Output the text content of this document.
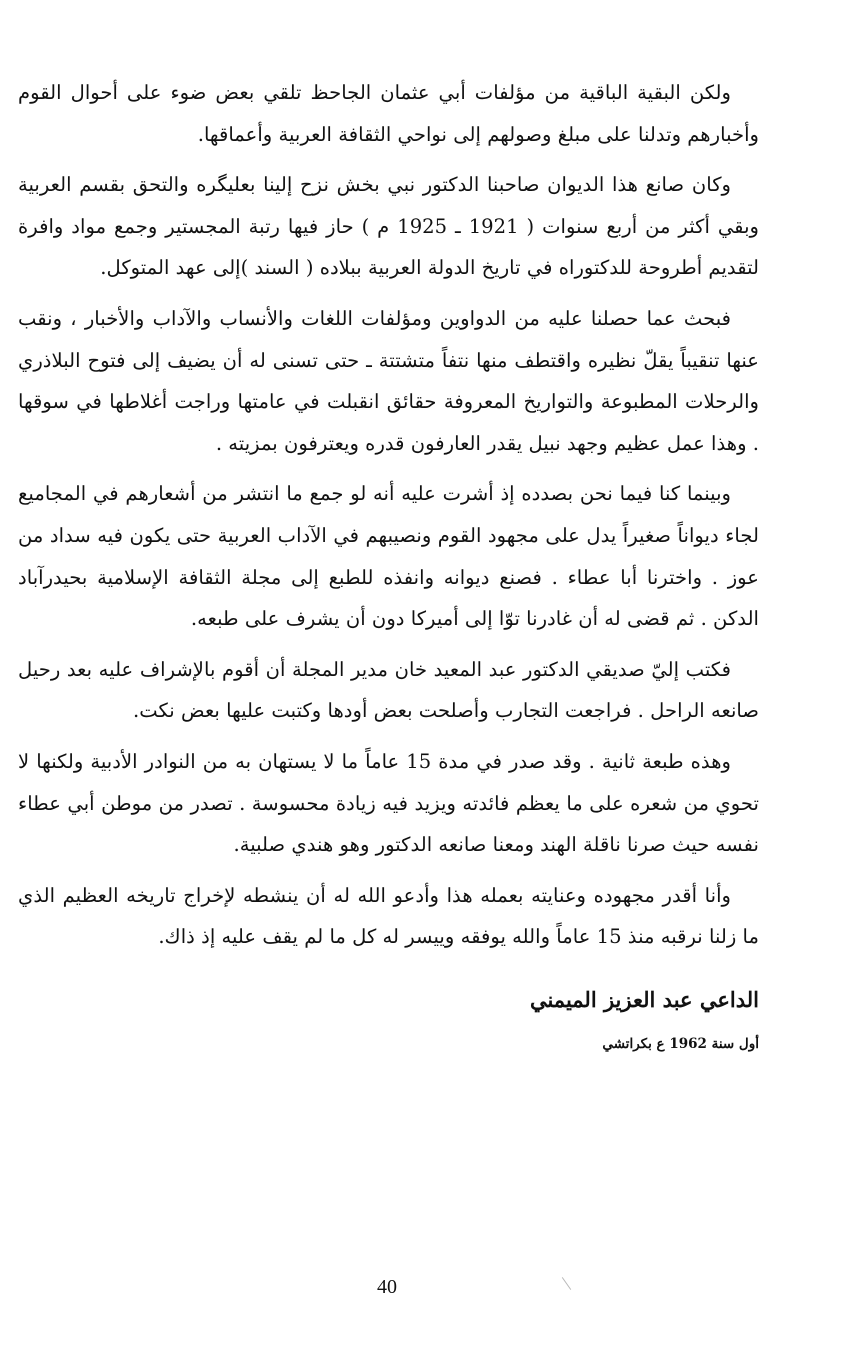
ولكن البقية الباقية من مؤلفات أبي عثمان الجاحظ تلقي بعض ضوء على أحوال القوم وأخبارهم وتدلنا على مبلغ وصولهم إلى نواحي الثقافة العربية وأعماقها.

وكان صانع هذا الديوان صاحبنا الدكتور نبي بخش نزح إلينا بعليگره والتحق بقسم العربية وبقي أكثر من أربع سنوات ( 1921 ـ 1925 م ) حاز فيها رتبة المجستير وجمع مواد وافرة لتقديم أطروحة للدكتوراه في تاريخ الدولة العربية ببلاده ( السند )إلى عهد المتوكل.

فبحث عما حصلنا عليه من الدواوين ومؤلفات اللغات والأنساب والآداب والأخبار ، ونقب عنها تنقيباً يقلّ نظيره واقتطف منها نتفاً متشتتة ـ حتى تسنى له أن يضيف إلى فتوح البلاذري والرحلات المطبوعة والتواريخ المعروفة حقائق انقبلت في عامتها وراجت أغلاطها في سوقها . وهذا عمل عظيم وجهد نبيل يقدر العارفون قدره ويعترفون بمزيته .

وبينما كنا فيما نحن بصدده إذ أشرت عليه أنه لو جمع ما انتشر من أشعارهم في المجاميع لجاء ديواناً صغيراً يدل على مجهود القوم ونصيبهم في الآداب العربية حتى يكون فيه سداد من عوز . واخترنا أبا عطاء . فصنع ديوانه وانفذه للطبع إلى مجلة الثقافة الإسلامية بحيدرآباد الدكن . ثم قضى له أن غادرنا توّا إلى أميركا دون أن يشرف على طبعه.

فكتب إليّ صديقي الدكتور عبد المعيد خان مدير المجلة أن أقوم بالإشراف عليه بعد رحيل صانعه الراحل . فراجعت التجارب وأصلحت بعض أودها وكتبت عليها بعض نكت.

وهذه طبعة ثانية . وقد صدر في مدة 15 عاماً ما لا يستهان به من النوادر الأدبية ولكنها لا تحوي من شعره على ما يعظم فائدته ويزيد فيه زيادة محسوسة . تصدر من موطن أبي عطاء نفسه حيث صرنا ناقلة الهند ومعنا صانعه الدكتور وهو هندي صلبية.

وأنا أقدر مجهوده وعنايته بعمله هذا وأدعو الله له أن ينشطه لإخراج تاريخه العظيم الذي ما زلنا نرقبه منذ 15 عاماً والله يوفقه وييسر له كل ما لم يقف عليه إذ ذاك.

الداعي عبد العزيز الميمني
أول سنة 1962 ع بكراتشي
40
